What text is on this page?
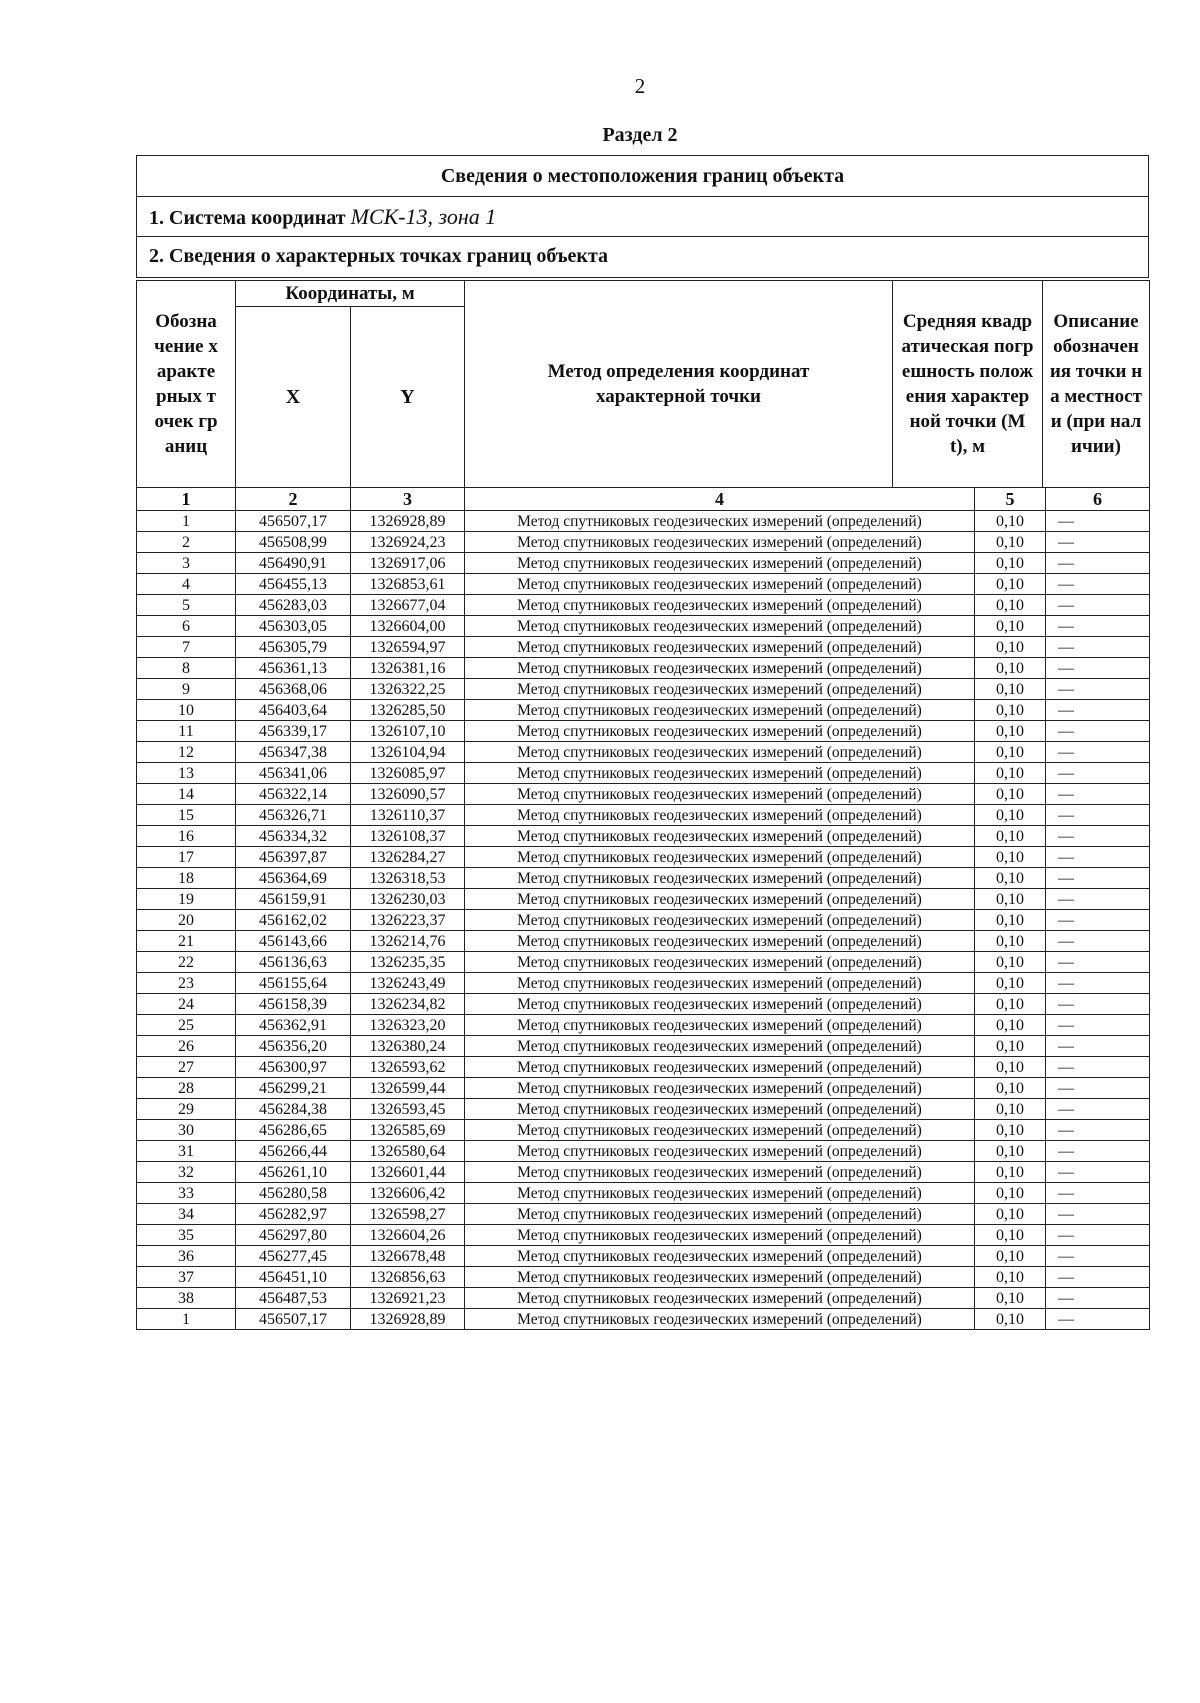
2
Раздел 2
Сведения о местоположения границ объекта
1. Система координат МСК-13, зона 1
2. Сведения о характерных точках границ объекта
Обозначение характерных точек границ	Координаты, м		Метод определения координат характерной точки	Средняя квадратическая погрешность положения характерной точки (Mt), м	Описание обозначения точки на местности (при наличии)

	X	Y			
1	2	3	4	5	6
1	456507,17	1326928,89	Метод спутниковых геодезических измерений (определений)	0,10	—
2	456508,99	1326924,23	Метод спутниковых геодезических измерений (определений)	0,10	—
3	456490,91	1326917,06	Метод спутниковых геодезических измерений (определений)	0,10	—
4	456455,13	1326853,61	Метод спутниковых геодезических измерений (определений)	0,10	—
5	456283,03	1326677,04	Метод спутниковых геодезических измерений (определений)	0,10	—
6	456303,05	1326604,00	Метод спутниковых геодезических измерений (определений)	0,10	—
7	456305,79	1326594,97	Метод спутниковых геодезических измерений (определений)	0,10	—
8	456361,13	1326381,16	Метод спутниковых геодезических измерений (определений)	0,10	—
9	456368,06	1326322,25	Метод спутниковых геодезических измерений (определений)	0,10	—
10	456403,64	1326285,50	Метод спутниковых геодезических измерений (определений)	0,10	—
11	456339,17	1326107,10	Метод спутниковых геодезических измерений (определений)	0,10	—
12	456347,38	1326104,94	Метод спутниковых геодезических измерений (определений)	0,10	—
13	456341,06	1326085,97	Метод спутниковых геодезических измерений (определений)	0,10	—
14	456322,14	1326090,57	Метод спутниковых геодезических измерений (определений)	0,10	—
15	456326,71	1326110,37	Метод спутниковых геодезических измерений (определений)	0,10	—
16	456334,32	1326108,37	Метод спутниковых геодезических измерений (определений)	0,10	—
17	456397,87	1326284,27	Метод спутниковых геодезических измерений (определений)	0,10	—
18	456364,69	1326318,53	Метод спутниковых геодезических измерений (определений)	0,10	—
19	456159,91	1326230,03	Метод спутниковых геодезических измерений (определений)	0,10	—
20	456162,02	1326223,37	Метод спутниковых геодезических измерений (определений)	0,10	—
21	456143,66	1326214,76	Метод спутниковых геодезических измерений (определений)	0,10	—
22	456136,63	1326235,35	Метод спутниковых геодезических измерений (определений)	0,10	—
23	456155,64	1326243,49	Метод спутниковых геодезических измерений (определений)	0,10	—
24	456158,39	1326234,82	Метод спутниковых геодезических измерений (определений)	0,10	—
25	456362,91	1326323,20	Метод спутниковых геодезических измерений (определений)	0,10	—
26	456356,20	1326380,24	Метод спутниковых геодезических измерений (определений)	0,10	—
27	456300,97	1326593,62	Метод спутниковых геодезических измерений (определений)	0,10	—
28	456299,21	1326599,44	Метод спутниковых геодезических измерений (определений)	0,10	—
29	456284,38	1326593,45	Метод спутниковых геодезических измерений (определений)	0,10	—
30	456286,65	1326585,69	Метод спутниковых геодезических измерений (определений)	0,10	—
31	456266,44	1326580,64	Метод спутниковых геодезических измерений (определений)	0,10	—
32	456261,10	1326601,44	Метод спутниковых геодезических измерений (определений)	0,10	—
33	456280,58	1326606,42	Метод спутниковых геодезических измерений (определений)	0,10	—
34	456282,97	1326598,27	Метод спутниковых геодезических измерений (определений)	0,10	—
35	456297,80	1326604,26	Метод спутниковых геодезических измерений (определений)	0,10	—
36	456277,45	1326678,48	Метод спутниковых геодезических измерений (определений)	0,10	—
37	456451,10	1326856,63	Метод спутниковых геодезических измерений (определений)	0,10	—
38	456487,53	1326921,23	Метод спутниковых геодезических измерений (определений)	0,10	—
1	456507,17	1326928,89	Метод спутниковых геодезических измерений (определений)	0,10	—
